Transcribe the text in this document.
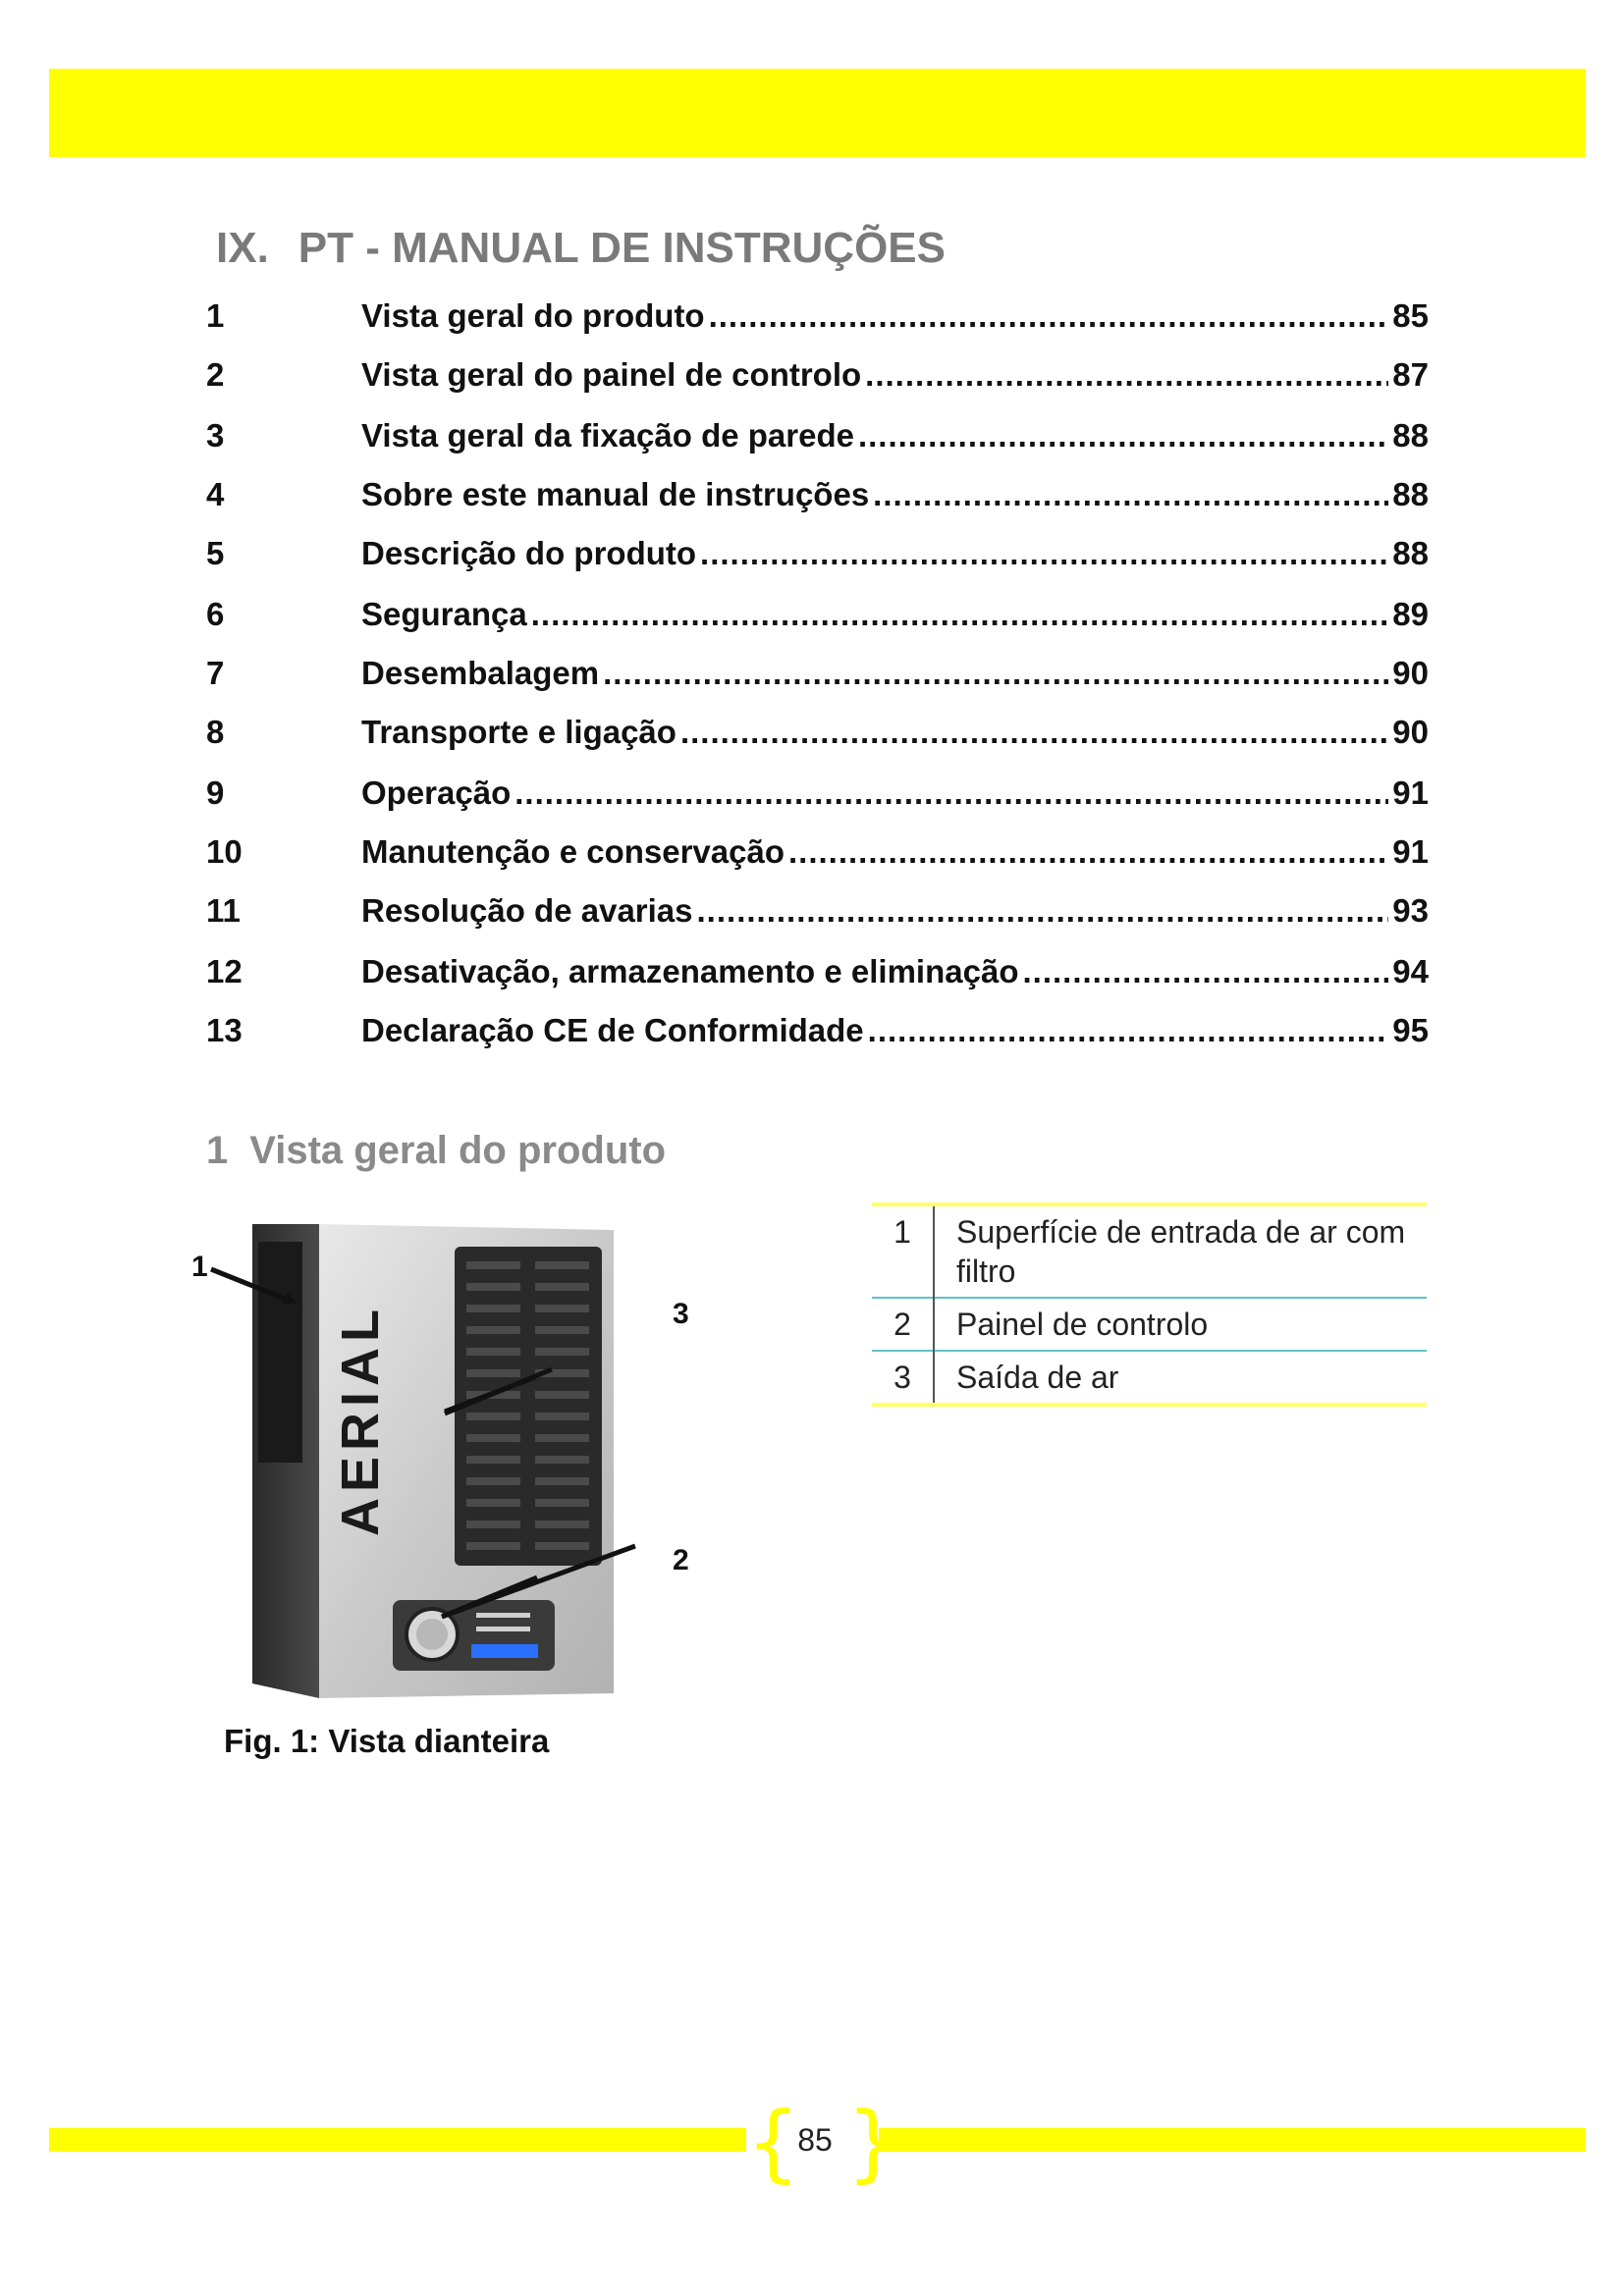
IX. PT - MANUAL DE INSTRUÇÕES
1	Vista geral do produto .....	85
2	Vista geral do painel de controlo .....	87
3	Vista geral da fixação de parede .....	88
4	Sobre este manual de instruções .....	88
5	Descrição do produto .....	88
6	Segurança .....	89
7	Desembalagem .....	90
8	Transporte e ligação .....	90
9	Operação .....	91
10	Manutenção e conservação .....	91
11	Resolução de avarias .....	93
12	Desativação, armazenamento e eliminação .....	94
13	Declaração CE de Conformidade .....	95
1 Vista geral do produto
AERIAL
1
3
2
Fig. 1: Vista dianteira
1	Superfície de entrada de ar com filtro
2	Painel de controlo
3	Saída de ar
{ }
85
